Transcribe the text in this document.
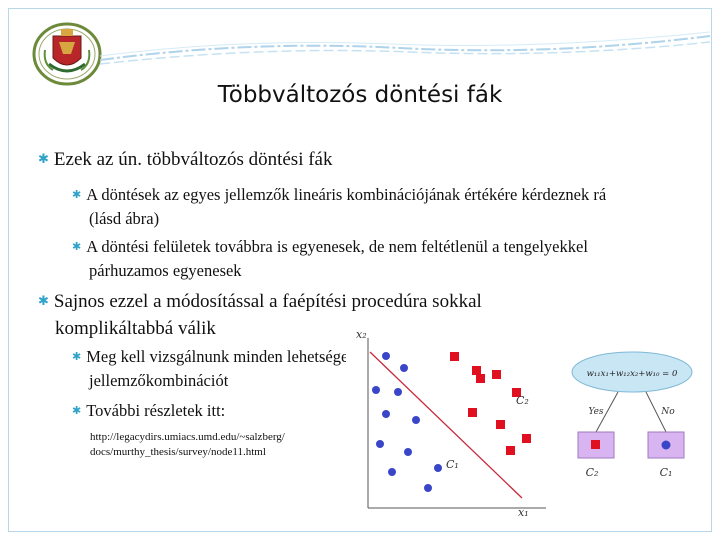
Többváltozós döntési fák
✱ Ezek az ún. többváltozós döntési fák
✱ A döntések az egyes jellemzők lineáris kombinációjának értékére kérdeznek rá (lásd ábra)
✱ A döntési felületek továbbra is egyenesek, de nem feltétlenül a tengelyekkel párhuzamos egyenesek
✱ Sajnos ezzel a módosítással a faépítési procedúra sokkal komplikáltabbá válik
✱ Meg kell vizsgálnunk minden lehetséges jellemzőkombinációt
✱ További részletek itt:
http://legacydirs.umiacs.umd.edu/~salzberg/ docs/murthy_thesis/survey/node11.html
x₂
x₁
C₂
C₁
w₁₁x₁+w₁₂x₂+w₁₀ = 0
Yes	No
C₂	C₁
